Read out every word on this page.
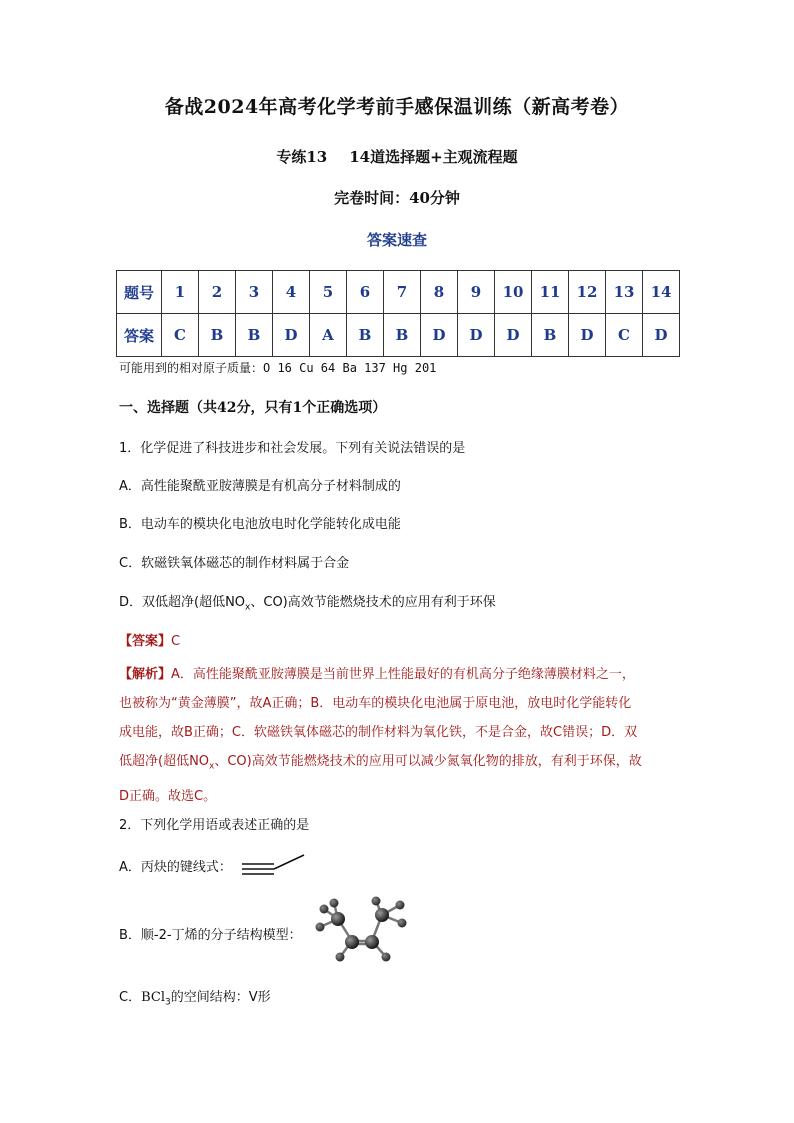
备战2024年高考化学考前手感保温训练（新高考卷）
专练13 14道选择题+主观流程题
完卷时间：40分钟
答案速查
题号	1	2	3	4	5	6	7	8	9	10	11	12	13	14
答案	C	B	B	D	A	B	B	D	D	D	B	D	C	D
可能用到的相对原子质量：O 16 Cu 64 Ba 137 Hg 201
一、选择题（共42分，只有1个正确选项）
1．化学促进了科技进步和社会发展。下列有关说法错误的是
A．高性能聚酰亚胺薄膜是有机高分子材料制成的
B．电动车的模块化电池放电时化学能转化成电能
C．软磁铁氧体磁芯的制作材料属于合金
D．双低超净(超低$NO_x$、CO)高效节能燃烧技术的应用有利于环保
【答案】C
【解析】A．高性能聚酰亚胺薄膜是当前世界上性能最好的有机高分子绝缘薄膜材料之一，
也被称为“黄金薄膜”，故A正确；B．电动车的模块化电池属于原电池，放电时化学能转化
成电能，故B正确；C．软磁铁氧体磁芯的制作材料为氧化铁，不是合金，故C错误；D．双
低超净(超低$NO_x$、CO)高效节能燃烧技术的应用可以减少氮氧化物的排放，有利于环保，故
D正确。故选C。
2．下列化学用语或表述正确的是
A．丙炔的键线式：
B．顺-2-丁烯的分子结构模型：
C．BCl$_3$的空间结构：V形
